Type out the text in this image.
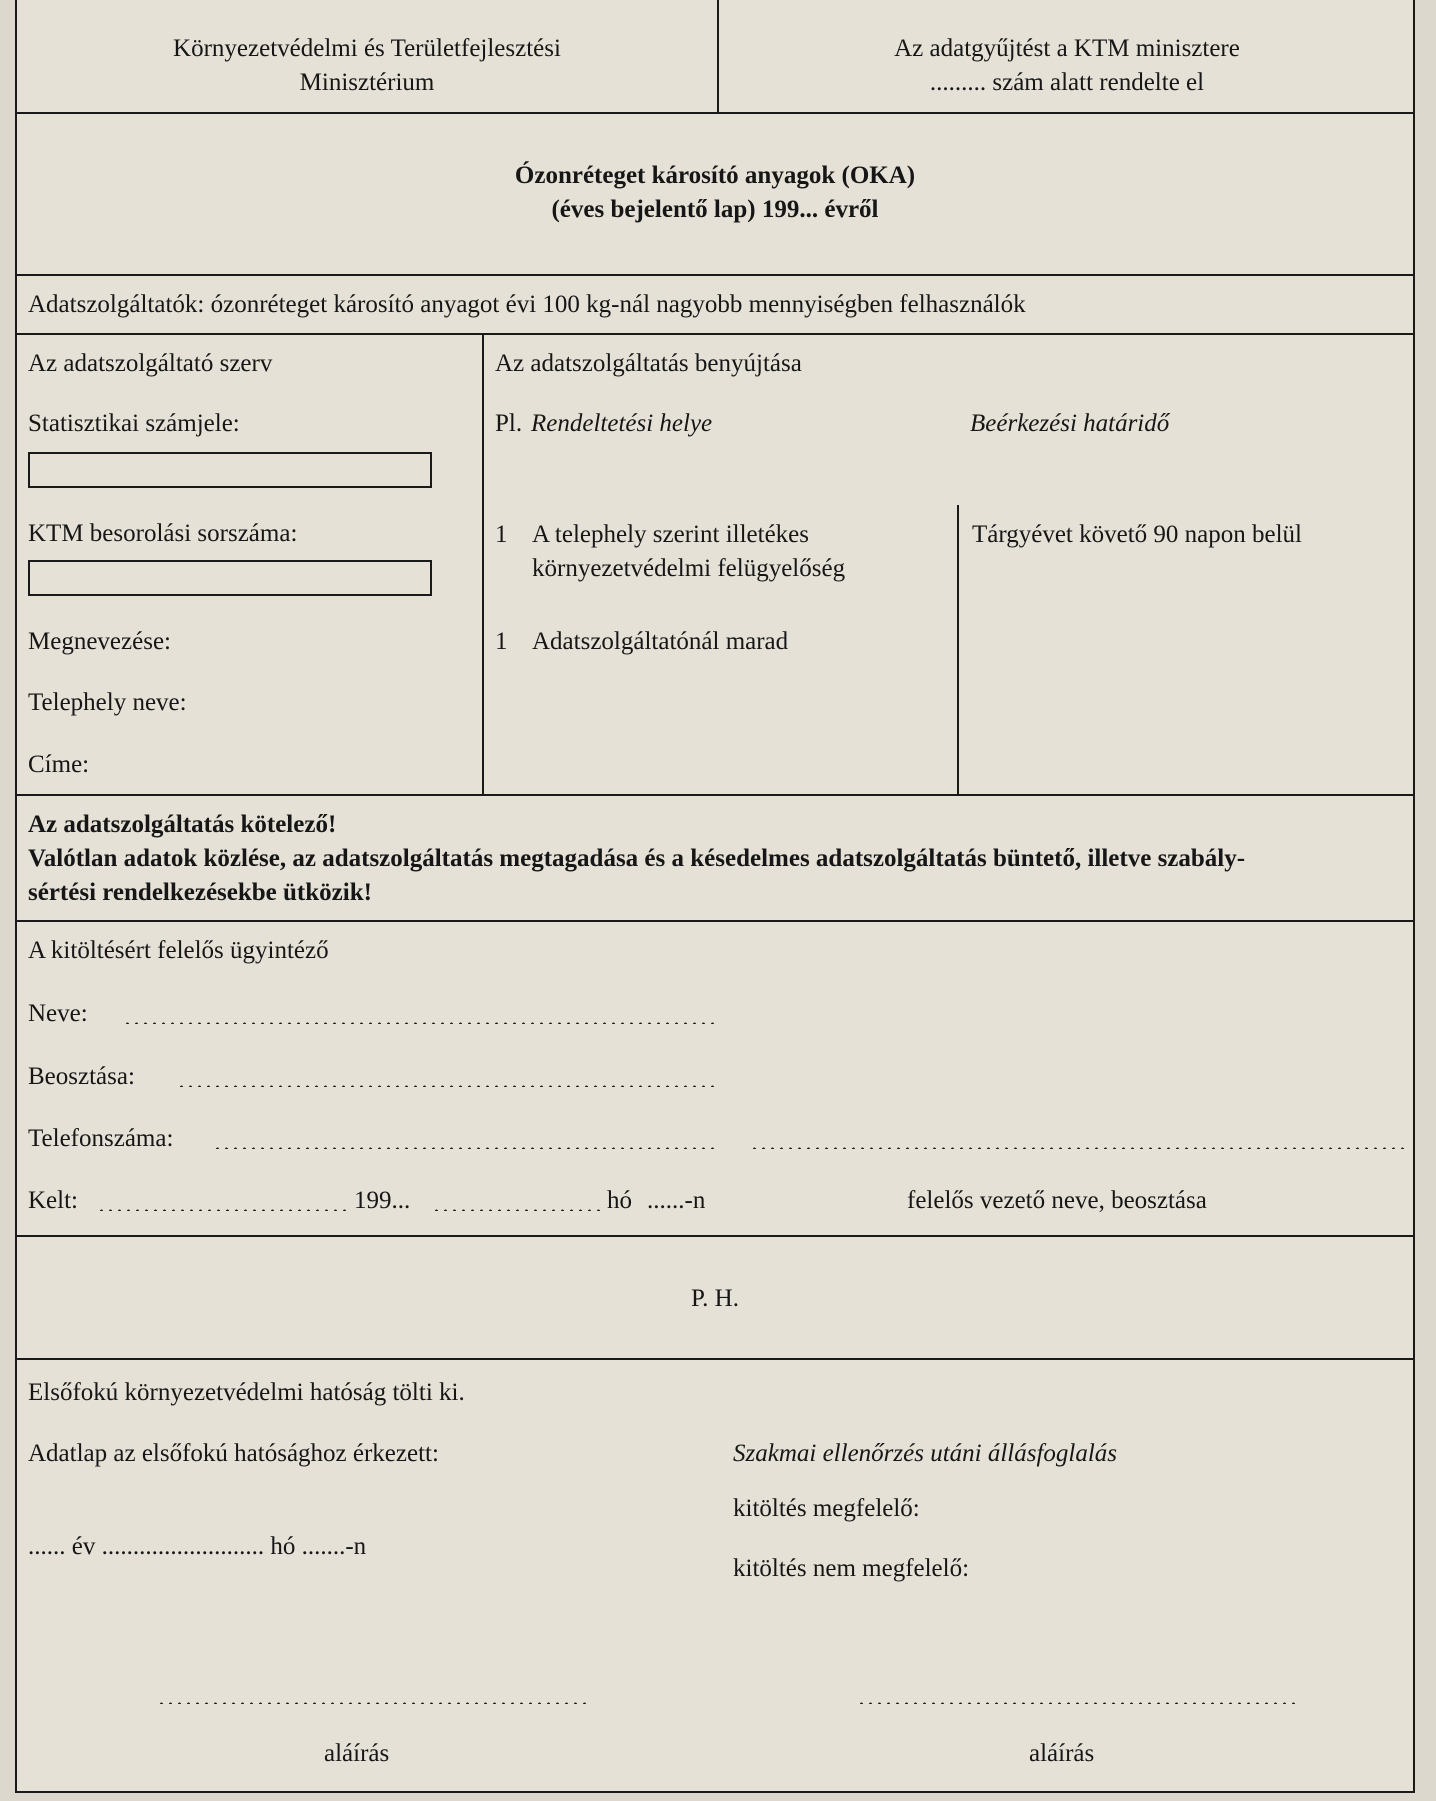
Környezetvédelmi és Területfejlesztési
Minisztérium
Az adatgyűjtést a KTM minisztere
......... szám alatt rendelte el
Ózonréteget károsító anyagok (OKA)
(éves bejelentő lap) 199... évről
Adatszolgáltatók: ózonréteget károsító anyagot évi 100 kg-nál nagyobb mennyiségben felhasználók
Az adatszolgáltató szerv
Statisztikai számjele:
KTM besorolási sorszáma:
Megnevezése:
Telephely neve:
Címe:
Az adatszolgáltatás benyújtása
Pl. Rendeltetési helye	Beérkezési határidő
1 A telephely szerint illetékes
környezetvédelmi felügyelőség
Tárgyévet követő 90 napon belül
1 Adatszolgáltatónál marad
Az adatszolgáltatás kötelező!
Valótlan adatok közlése, az adatszolgáltatás megtagadása és a késedelmes adatszolgáltatás büntető, illetve szabály-
sértési rendelkezésekbe ütközik!
A kitöltésért felelős ügyintéző
Neve:
Beosztása:
Telefonszáma:
Kelt:	199...	hó ......-n	felelős vezető neve, beosztása
P. H.
Elsőfokú környezetvédelmi hatóság tölti ki.
Adatlap az elsőfokú hatósághoz érkezett:
...... év .......................... hó .......-n
Szakmai ellenőrzés utáni állásfoglalás
kitöltés megfelelő:
kitöltés nem megfelelő:
aláírás	aláírás
